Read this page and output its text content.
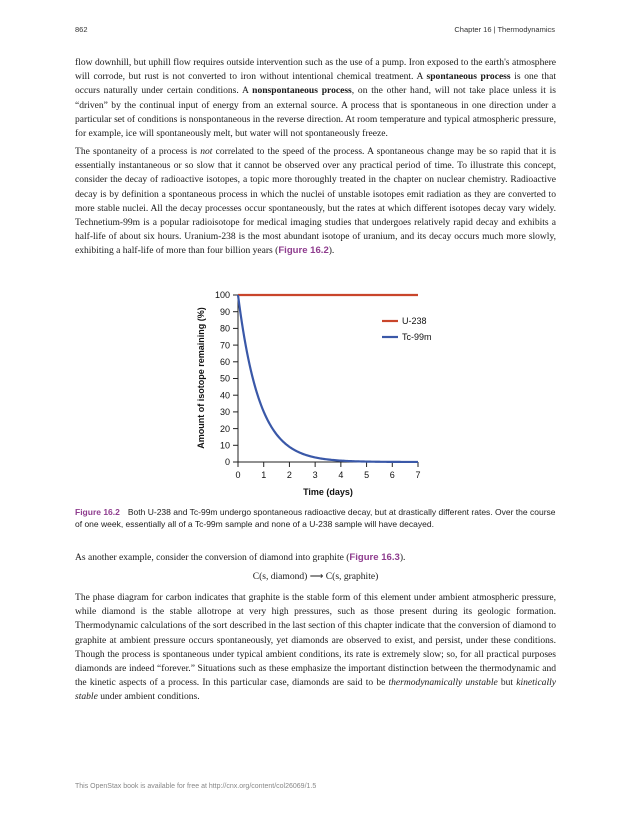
862	Chapter 16 | Thermodynamics

flow downhill, but uphill flow requires outside intervention such as the use of a pump. Iron exposed to the earth's atmosphere will corrode, but rust is not converted to iron without intentional chemical treatment. A spontaneous process is one that occurs naturally under certain conditions. A nonspontaneous process, on the other hand, will not take place unless it is “driven” by the continual input of energy from an external source. A process that is spontaneous in one direction under a particular set of conditions is nonspontaneous in the reverse direction. At room temperature and typical atmospheric pressure, for example, ice will spontaneously melt, but water will not spontaneously freeze.

The spontaneity of a process is not correlated to the speed of the process. A spontaneous change may be so rapid that it is essentially instantaneous or so slow that it cannot be observed over any practical period of time. To illustrate this concept, consider the decay of radioactive isotopes, a topic more thoroughly treated in the chapter on nuclear chemistry. Radioactive decay is by definition a spontaneous process in which the nuclei of unstable isotopes emit radiation as they are converted to more stable nuclei. All the decay processes occur spontaneously, but the rates at which different isotopes decay vary widely. Technetium-99m is a popular radioisotope for medical imaging studies that undergoes relatively rapid decay and exhibits a half-life of about six hours. Uranium-238 is the most abundant isotope of uranium, and its decay occurs much more slowly, exhibiting a half-life of more than four billion years (Figure 16.2).

0
10
20
30
40
50
60
70
80
90
100
0 1 2 3 4 5 6 7
Amount of isotope remaining (%)
Time (days)
U-238
Tc-99m

Figure 16.2 Both U-238 and Tc-99m undergo spontaneous radioactive decay, but at drastically different rates. Over the course of one week, essentially all of a Tc-99m sample and none of a U-238 sample will have decayed.

As another example, consider the conversion of diamond into graphite (Figure 16.3).

C(s, diamond) ⟶ C(s, graphite)

The phase diagram for carbon indicates that graphite is the stable form of this element under ambient atmospheric pressure, while diamond is the stable allotrope at very high pressures, such as those present during its geologic formation. Thermodynamic calculations of the sort described in the last section of this chapter indicate that the conversion of diamond to graphite at ambient pressure occurs spontaneously, yet diamonds are observed to exist, and persist, under these conditions. Though the process is spontaneous under typical ambient conditions, its rate is extremely slow; so, for all practical purposes diamonds are indeed “forever.” Situations such as these emphasize the important distinction between the thermodynamic and the kinetic aspects of a process. In this particular case, diamonds are said to be thermodynamically unstable but kinetically stable under ambient conditions.

This OpenStax book is available for free at http://cnx.org/content/col26069/1.5
